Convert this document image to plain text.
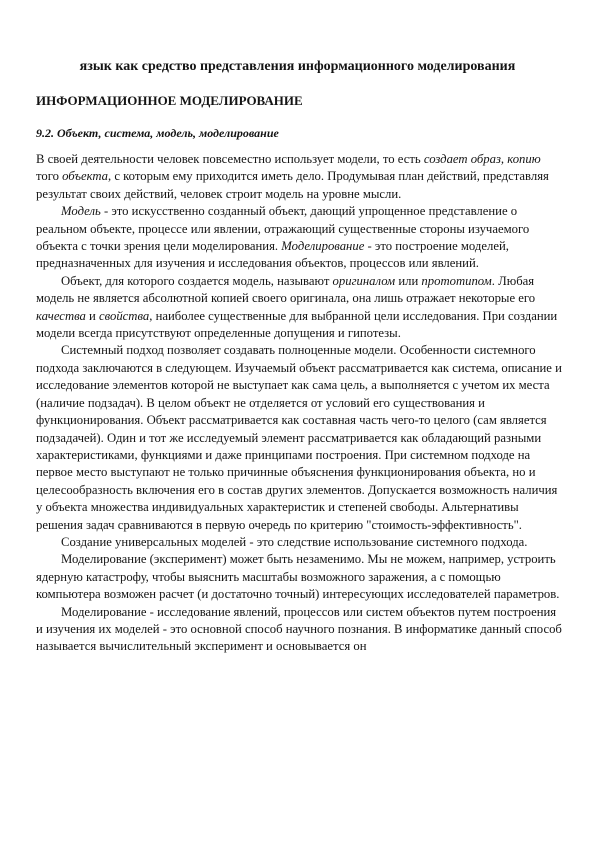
язык как средство представления информационного моделирования
ИНФОРМАЦИОННОЕ МОДЕЛИРОВАНИЕ
9.2. Объект, система, модель, моделирование

В своей деятельности человек повсеместно использует модели, то есть создает образ, копию того объекта, с которым ему приходится иметь дело. Продумывая план действий, представляя результат своих действий, человек строит модель на уровне мысли.

Модель - это искусственно созданный объект, дающий упрощенное представление о реальном объекте, процессе или явлении, отражающий существенные стороны изучаемого объекта с точки зрения цели моделирования. Моделирование - это построение моделей, предназначенных для изучения и исследования объектов, процессов или явлений.

Объект, для которого создается модель, называют оригиналом или прототипом. Любая модель не является абсолютной копией своего оригинала, она лишь отражает некоторые его качества и свойства, наиболее существенные для выбранной цели исследования. При создании модели всегда присутствуют определенные допущения и гипотезы.

Системный подход позволяет создавать полноценные модели. Особенности системного подхода заключаются в следующем. Изучаемый объект рассматривается как система, описание и исследование элементов которой не выступает как сама цель, а выполняется с учетом их места (наличие подзадач). В целом объект не отделяется от условий его существования и функционирования. Объект рассматривается как составная часть чего-то целого (сам является подзадачей). Один и тот же исследуемый элемент рассматривается как обладающий разными характеристиками, функциями и даже принципами построения. При системном подходе на первое место выступают не только причинные объяснения функционирования объекта, но и целесообразность включения его в состав других элементов. Допускается возможность наличия у объекта множества индивидуальных характеристик и степеней свободы. Альтернативы решения задач сравниваются в первую очередь по критерию "стоимость-эффективность".

Создание универсальных моделей - это следствие использование системного подхода.

Моделирование (эксперимент) может быть незаменимо. Мы не можем, например, устроить ядерную катастрофу, чтобы выяснить масштабы возможного заражения, а с помощью компьютера возможен расчет (и достаточно точный) интересующих исследователей параметров.

Моделирование - исследование явлений, процессов или систем объектов путем построения и изучения их моделей - это основной способ научного познания. В информатике данный способ называется вычислительный эксперимент и основывается он
